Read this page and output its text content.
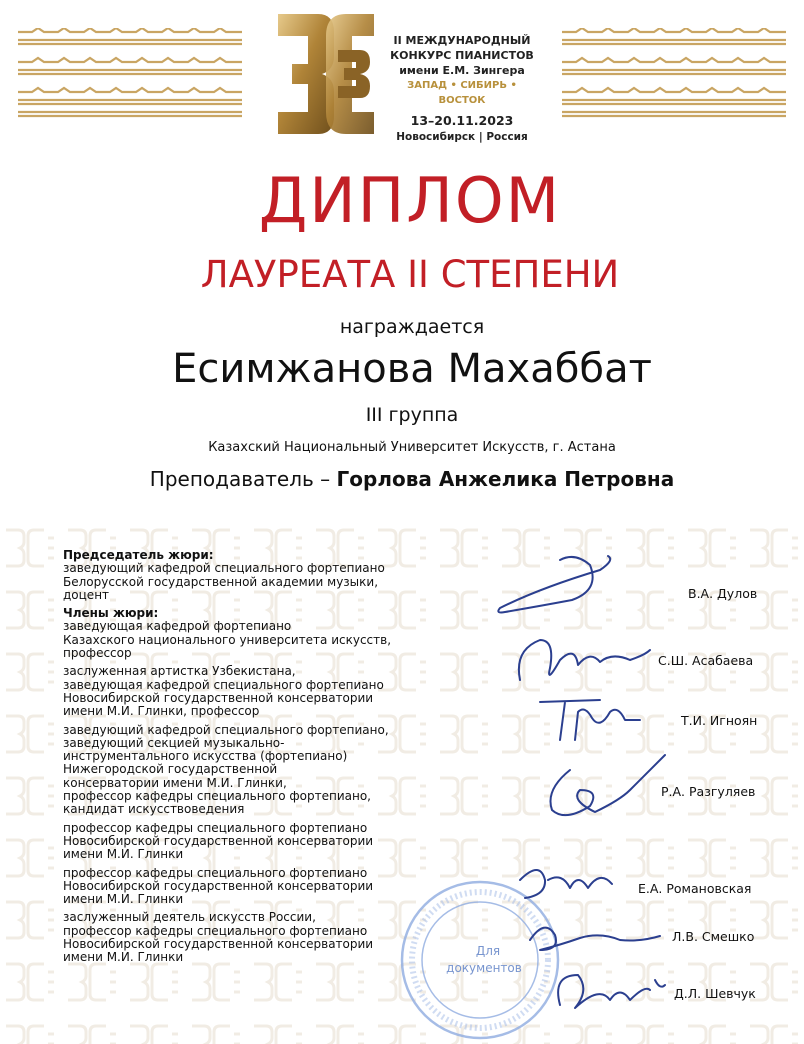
II МЕЖДУНАРОДНЫЙ
КОНКУРС ПИАНИСТОВ
имени Е.М. Зингера
ЗАПАД • СИБИРЬ • ВОСТОК
13–20.11.2023
Новосибирск | Россия
ДИПЛОМ
ЛАУРЕАТА II СТЕПЕНИ
награждается
Есимжанова Махаббат
III группа
Казахский Национальный Университет Искусств, г. Астана
Преподаватель – Горлова Анжелика Петровна
Председатель жюри:
заведующий кафедрой специального фортепиано
Белорусской государственной академии музыки,
доцент
Члены жюри:
заведующая кафедрой фортепиано
Казахского национального университета искусств,
профессор
заслуженная артистка Узбекистана,
заведующая кафедрой специального фортепиано
Новосибирской государственной консерватории
имени М.И. Глинки, профессор
заведующий кафедрой специального фортепиано,
заведующий секцией музыкально-
инструментального искусства (фортепиано)
Нижегородской государственной
консерватории имени М.И. Глинки,
профессор кафедры специального фортепиано,
кандидат искусствоведения
профессор кафедры специального фортепиано
Новосибирской государственной консерватории
имени М.И. Глинки
профессор кафедры специального фортепиано
Новосибирской государственной консерватории
имени М.И. Глинки
заслуженный деятель искусств России,
профессор кафедры специального фортепиано
Новосибирской государственной консерватории
имени М.И. Глинки	Для
документов
В.А. Дулов
С.Ш. Асабаева
Т.И. Игноян
Р.А. Разгуляев
Е.А. Романовская
Л.В. Смешко
Д.Л. Шевчук
